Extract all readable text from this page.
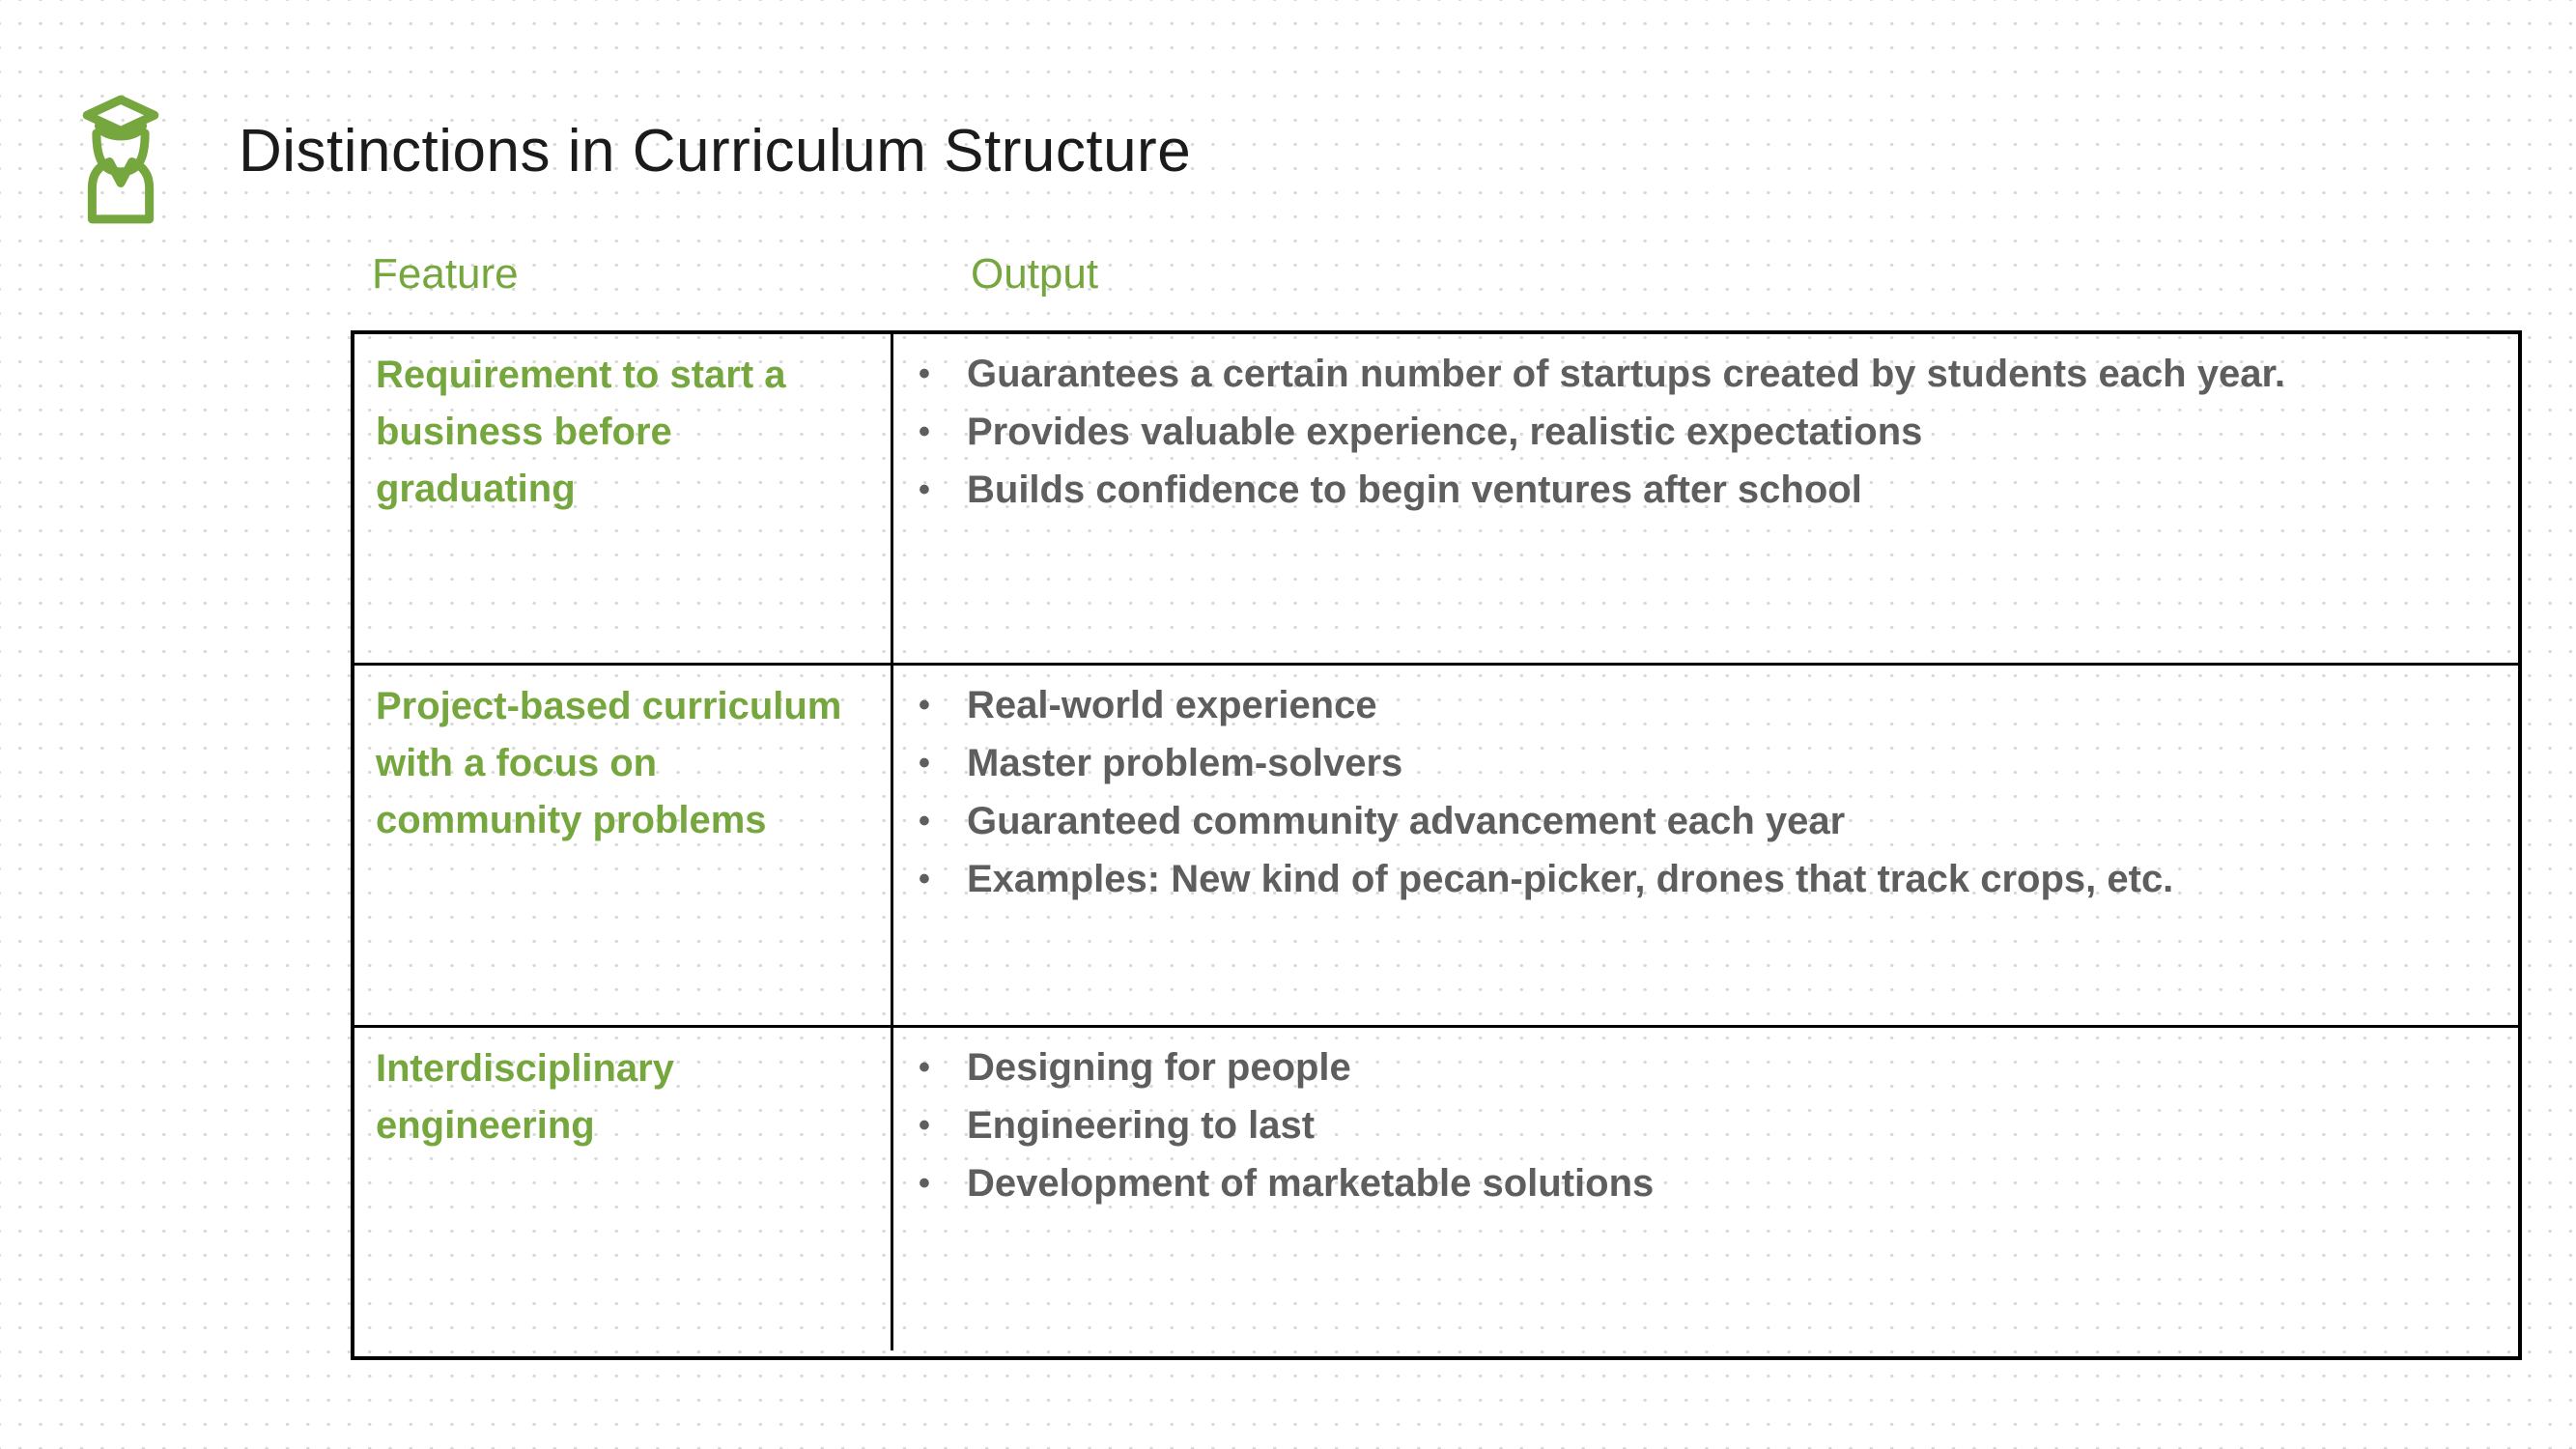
Distinctions in Curriculum Structure
Feature	Output
Requirement to start a business before graduating
• Guarantees a certain number of startups created by students each year.
• Provides valuable experience, realistic expectations
• Builds confidence to begin ventures after school
Project-based curriculum with a focus on community problems
• Real-world experience
• Master problem-solvers
• Guaranteed community advancement each year
• Examples: New kind of pecan-picker, drones that track crops, etc.
Interdisciplinary engineering
• Designing for people
• Engineering to last
• Development of marketable solutions
